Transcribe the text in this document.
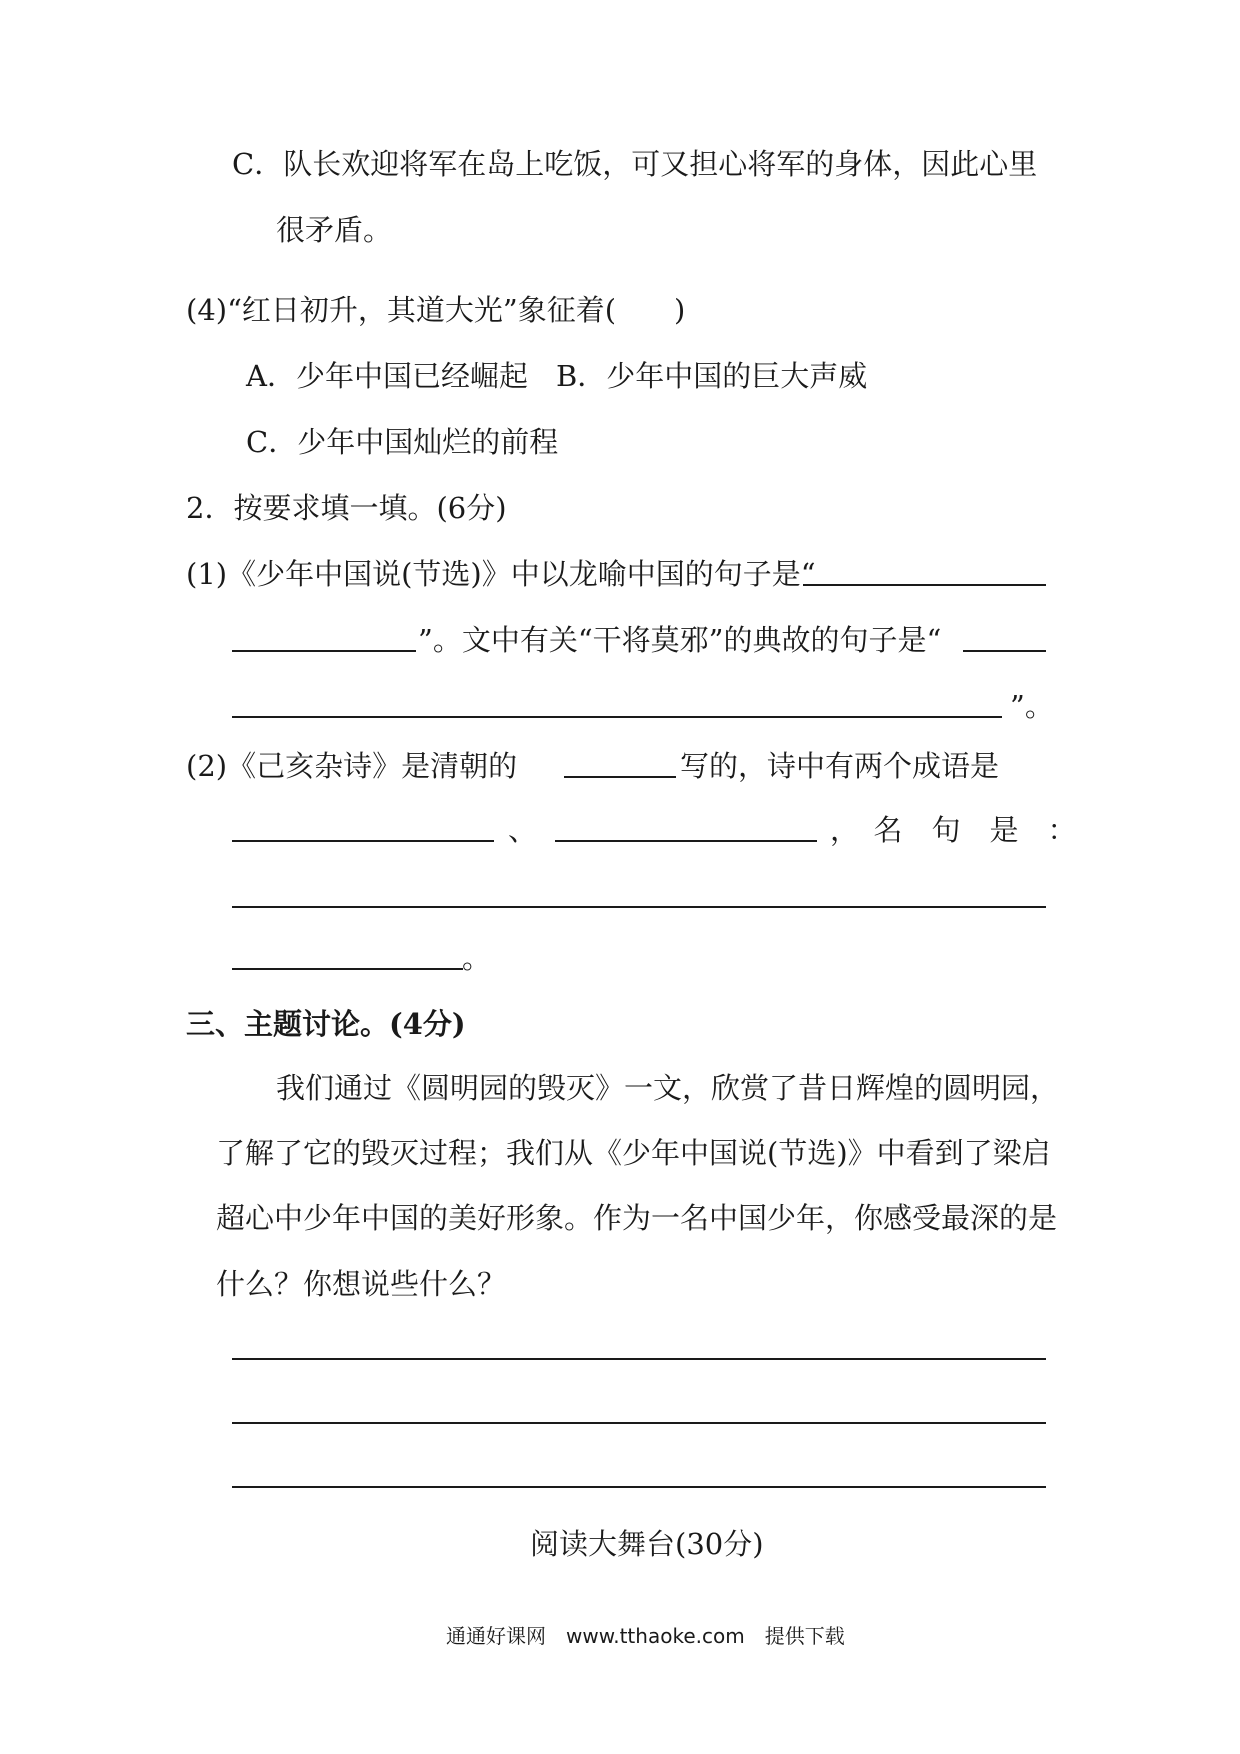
C．队长欢迎将军在岛上吃饭，可又担心将军的身体，因此心里
很矛盾。
(4)“红日初升，其道大光”象征着(　　)
A．少年中国已经崛起 B．少年中国的巨大声威
C．少年中国灿烂的前程
2．按要求填一填。(6分)
(1)《少年中国说(节选)》中以龙喻中国的句子是“
”。文中有关“干将莫邪”的典故的句子是“
”。
(2)《己亥杂诗》是清朝的	写的，诗中有两个成语是
、	，　名　句　是　：
。
三、主题讨论。(4分)
我们通过《圆明园的毁灭》一文，欣赏了昔日辉煌的圆明园，
了解了它的毁灭过程；我们从《少年中国说(节选)》中看到了梁启
超心中少年中国的美好形象。作为一名中国少年，你感受最深的是
什么？你想说些什么？
阅读大舞台(30分)
通通好课网　www.tthaoke.com　提供下载
